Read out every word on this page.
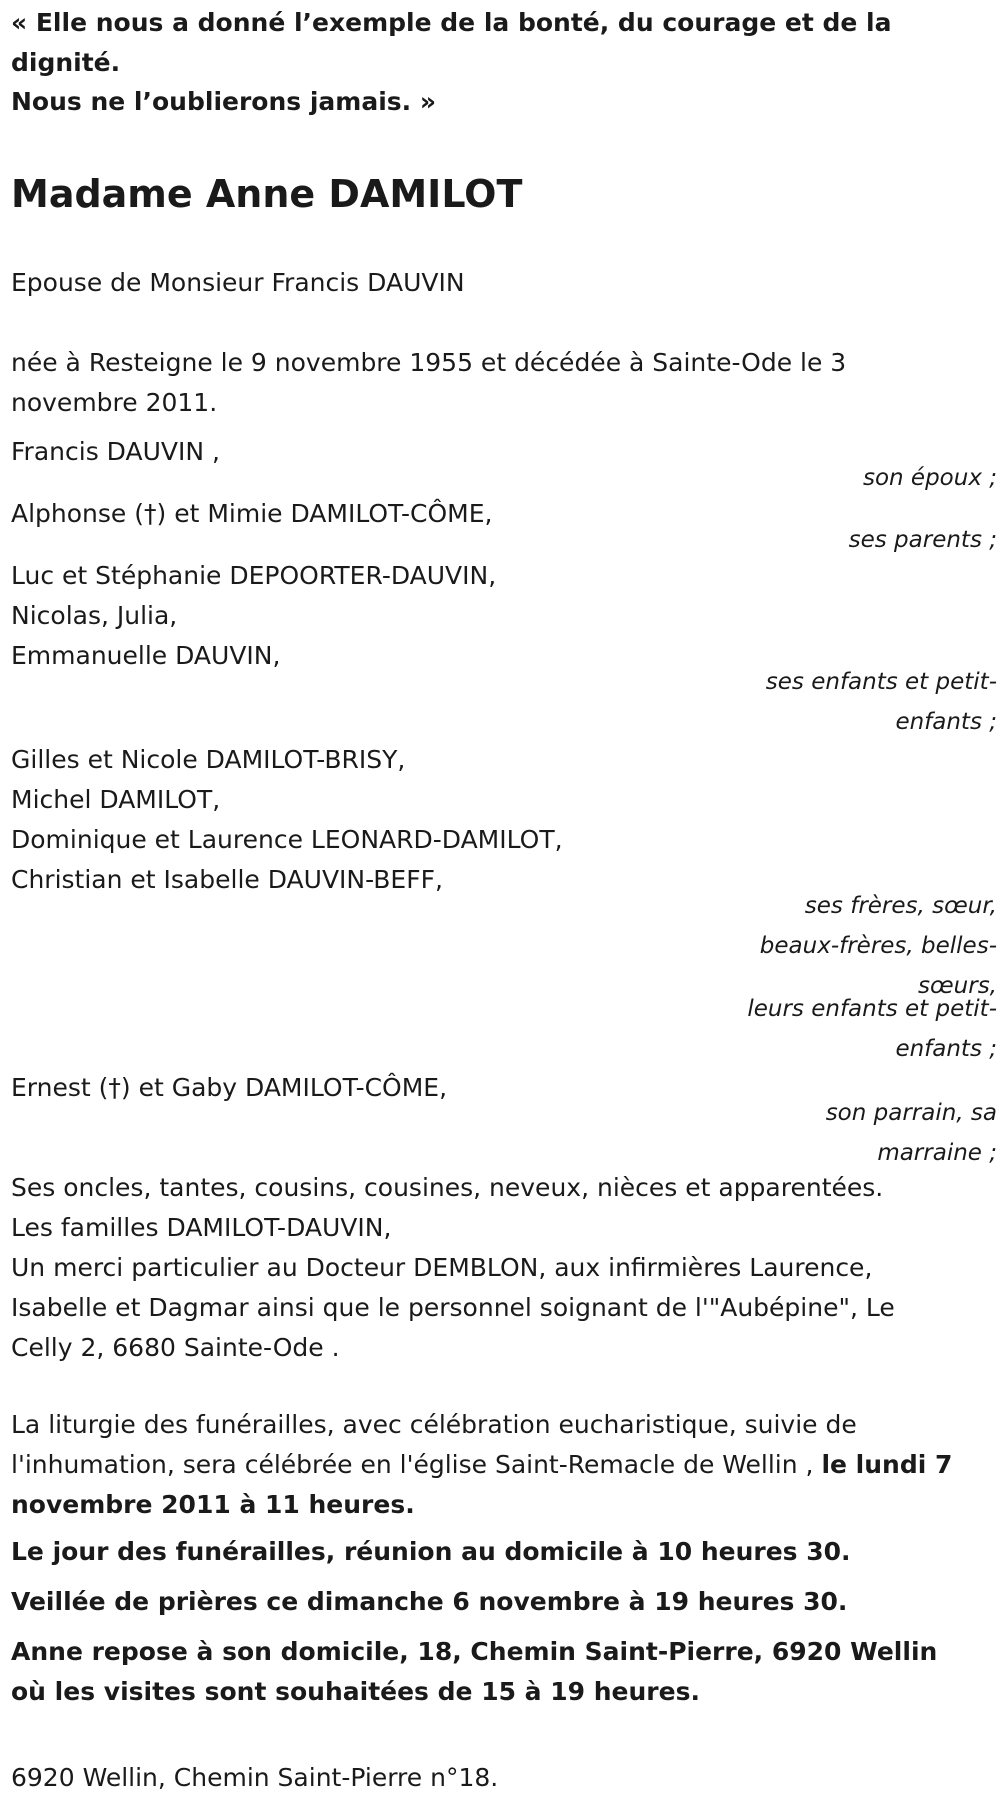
« Elle nous a donné l’exemple de la bonté, du courage et de la dignité.

Nous ne l’oublierons jamais. »

Madame Anne DAMILOT

Epouse de Monsieur Francis DAUVIN

née à Resteigne le 9 novembre 1955 et décédée à Sainte-Ode le 3 novembre 2011.

Francis DAUVIN ,

son époux ;

Alphonse (†) et Mimie DAMILOT-CÔME,

ses parents ;

Luc et Stéphanie DEPOORTER-DAUVIN,

Nicolas, Julia,

Emmanuelle DAUVIN,

ses enfants et petit-enfants ;

Gilles et Nicole DAMILOT-BRISY,

Michel DAMILOT,

Dominique et Laurence LEONARD-DAMILOT,

Christian et Isabelle DAUVIN-BEFF,

ses frères, sœur, beaux-frères, belles-sœurs,
leurs enfants et petit-enfants ;

Ernest (†) et Gaby DAMILOT-CÔME,

son parrain, sa marraine ;

Ses oncles, tantes, cousins, cousines, neveux, nièces et apparentées.

Les familles DAMILOT-DAUVIN,

Un merci particulier au Docteur DEMBLON, aux infirmières Laurence, Isabelle et Dagmar ainsi que le personnel soignant de l'"Aubépine", Le Celly 2, 6680 Sainte-Ode .

La liturgie des funérailles, avec célébration eucharistique, suivie de l'inhumation, sera célébrée en l'église Saint-Remacle de Wellin , le lundi 7 novembre 2011 à 11 heures.

Le jour des funérailles, réunion au domicile à 10 heures 30.

Veillée de prières ce dimanche 6 novembre à 19 heures 30.

Anne repose à son domicile, 18, Chemin Saint-Pierre, 6920 Wellin où les visites sont souhaitées de 15 à 19 heures.

6920 Wellin, Chemin Saint-Pierre n°18.
